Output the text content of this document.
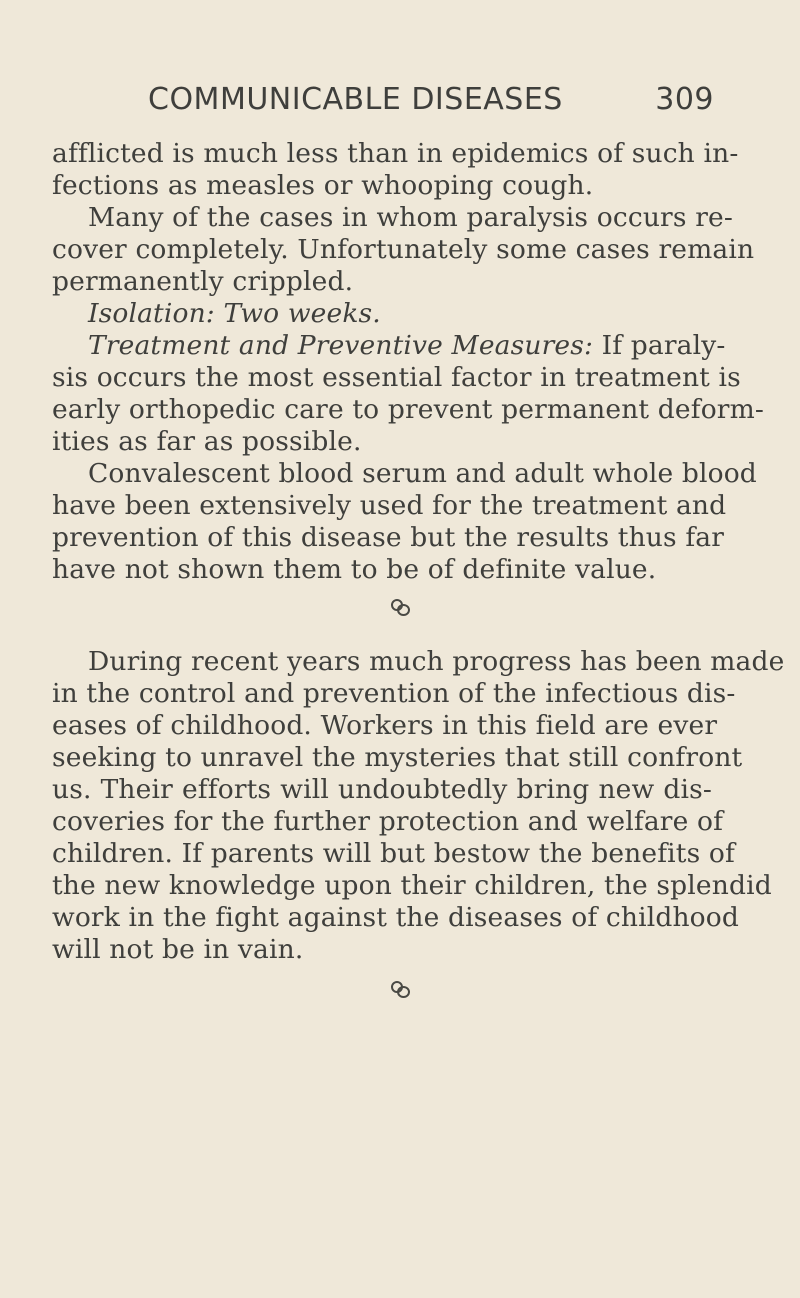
COMMUNICABLE DISEASES	309
afflicted is much less than in epidemics of such in-
fections as measles or whooping cough.
Many of the cases in whom paralysis occurs re-
cover completely. Unfortunately some cases remain
permanently crippled.
Isolation: Two weeks.
Treatment and Preventive Measures: If paraly-
sis occurs the most essential factor in treatment is
early orthopedic care to prevent permanent deform-
ities as far as possible.
Convalescent blood serum and adult whole blood
have been extensively used for the treatment and
prevention of this disease but the results thus far
have not shown them to be of definite value.
During recent years much progress has been made
in the control and prevention of the infectious dis-
eases of childhood. Workers in this field are ever
seeking to unravel the mysteries that still confront
us. Their efforts will undoubtedly bring new dis-
coveries for the further protection and welfare of
children. If parents will but bestow the benefits of
the new knowledge upon their children, the splendid
work in the fight against the diseases of childhood
will not be in vain.
